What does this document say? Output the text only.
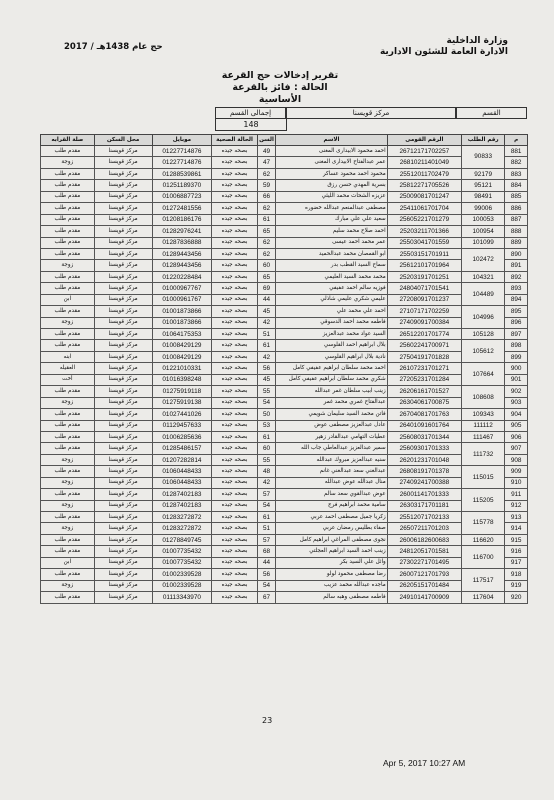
وزارة الداخلية
الادارة العامة للشئون الادارية
حج عام 1438هـ / 2017
تقرير إدخالات حج القرعة
الحالة : فائز بالقرعة الأساسية
القسم
مركز قويسنا
إجمالى القسم
148
م	رقم الطلب	الرقم القومى	الاسم	السن	الحالة الصحية	موبايل	محل السكن	صلة القرابه
881	90833	26712171702257	احمد محمود الابيدارى المغنى	49	بصحه جيده	01227714876	مركز قويسنا	مقدم طلب
882		26810211401049	عمر عبدالفتاح الابيدارى المغنى	47	بصحه جيده	01227714876	مركز قويسنا	زوجة
883	92179	25512011702479	محمود احمد محمود عساكر	62	بصحه جيده	01288539861	مركز قويسنا	مقدم طلب
884	95121	25812271705526	بسرية المهدي حسن رزق	59	بصحه جيده	01251189370	مركز قويسنا	مقدم طلب
885	98491	25009081701247	عزيزه الشحات محمد الليثي	66	بصحه جيده	01006887723	مركز قويسنا	مقدم طلب
886	99006	25411061701704	مصطفى عبدالمنعم عبدالله خضوره	62	بصحه جيده	01272481556	مركز قويسنا	مقدم طلب
887	100053	25605221701279	سعيد علي علي مبارك	61	بصحه جيده	01208186176	مركز قويسنا	مقدم طلب
888	100954	25203211701366	احمد صلاح محمد سليم	65	بصحه جيده	01282976241	مركز قويسنا	مقدم طلب
889	101099	25503041701559	عمر محمد احمد عيسى	62	بصحه جيده	01287836888	مركز قويسنا	مقدم طلب
890	102472	25503151701911	ابو القمصان محمد عبدالحميد	62	بصحه جيده	01289443456	مركز قويسنا	مقدم طلب
891		25612101701964	سماح السيد القطب بدر	60	بصحه جيده	01289443456	مركز قويسنا	زوجة
892	104321	25203191701251	محمد محمد السيد العليمي	65	بصحه جيده	01220228484	مركز قويسنا	مقدم طلب
893	104489	24804071701541	فوزيه سالم احمد عفيفي	69	بصحه جيده	01000967767	مركز قويسنا	مقدم طلب
894		27208091701237	عليمي شكري عليمي شاذلي	44	بصحه جيده	01000961767	مركز قويسنا	ابن
895	104996	27107171702259	احمد علي محمد علي	45	بصحه جيده	01001873866	مركز قويسنا	مقدم طلب
896		27409091700384	فاطمه محمد احمد الدسوقي	42	بصحه جيده	01001873866	مركز قويسنا	زوجة
897	105128	26512201701774	السيد عواد محمد عبدالعزيز	51	بصحه جيده	01064175353	مركز قويسنا	مقدم طلب
898	105612	25602241700971	بلال ابراهيم احمد القلوسي	61	بصحه جيده	01008429129	مركز قويسنا	مقدم طلب
899		27504191701828	نادية بلال ابراهيم القلوسي	42	بصحه جيده	01008429129	مركز قويسنا	ابنه
900	107664	26107231701271	احمد محمد سلطان ابراهيم عفيفي كامل	56	بصحه جيده	01221010331	مركز قويسنا	العقيله
901		27205231701284	شكري محمد سلطان ابراهيم عفيفي كامل	45	بصحه جيده	01016398248	مركز قويسنا	أخت
902	108608	26206161701527	زينب ابيب سلطان غمر عبدالله	55	بصحه جيده	01275919118	مركز قويسنا	مقدم طلب
903		26304061700875	عبدالفتاح غمري محمد غمر	54	بصحه جيده	01275919138	مركز قويسنا	زوجة
904	109343	26704081701763	فاتن محمد السيد سليمان شويمي	50	بصحه جيده	01027441026	مركز قويسنا	مقدم طلب
905	111112	26401091601764	عادل عبدالعزيز مصطفى عوض	53	بصحه جيده	01129457633	مركز قويسنا	مقدم طلب
906	111467	25608031701344	عطيات التهامي عبدالقادر زهير	61	بصحه جيده	01006285636	مركز قويسنا	مقدم طلب
907	111732	25609301701333	سمير عبدالعزيز عبدالعاطي جاب الله	60	بصحه جيده	01285486157	مركز قويسنا	مقدم طلب
908		26201231701048	سنيه عبدالعزيز مبروك عبدالله	55	بصحه جيده	01207282814	مركز قويسنا	زوجة
909	115015	26808191701378	عبدالغني سعد عبدالغني غانم	48	بصحه جيده	01060448433	مركز قويسنا	مقدم طلب
910		27409241700388	منال عبدالله عوض عبدالله	42	بصحه جيده	01060448433	مركز قويسنا	زوجة
911	115205	26001141701333	عوض عبدالقوي سعد سالم	57	بصحه جيده	01287402183	مركز قويسنا	مقدم طلب
912		26303171701181	سامية محمد ابراهيم فرج	54	بصحه جيده	01287402183	مركز قويسنا	زوجة
913	115778	25512071702133	زكريا جميل مصطفى احمد عربي	61	بصحه جيده	01283272872	مركز قويسنا	مقدم طلب
914		26507211701203	صفاء بطليس رمضان عربي	51	بصحه جيده	01283272872	مركز قويسنا	زوجة
915	116620	26006182600683	نجوى مصطفى المراغي ابراهيم كامل	57	بصحه جيده	01278849745	مركز قويسنا	مقدم طلب
916	116700	24812051701581	زينب احمد السيد ابراهيم العجلتي	68	بصحه جيده	01007735432	مركز قويسنا	مقدم طلب
917		27302271701495	وائل علي السيد بكر	44	بصحه جيده	01007735432	مركز قويسنا	ابن
918	117517	26007121701793	رضا مصطفى محمود لولو	56	بصحه جيده	01002339528	مركز قويسنا	مقدم طلب
919		26205151701484	ماجده عبدالله محمد عزيب	54	بصحه جيده	01002339528	مركز قويسنا	زوجة
920	117604	24910141700909	فاطمه مصطفى وهبه سالم	67	بصحه جيده	01113343970	مركز قويسنا	مقدم طلب
23
Apr 5, 2017 10:27 AM
